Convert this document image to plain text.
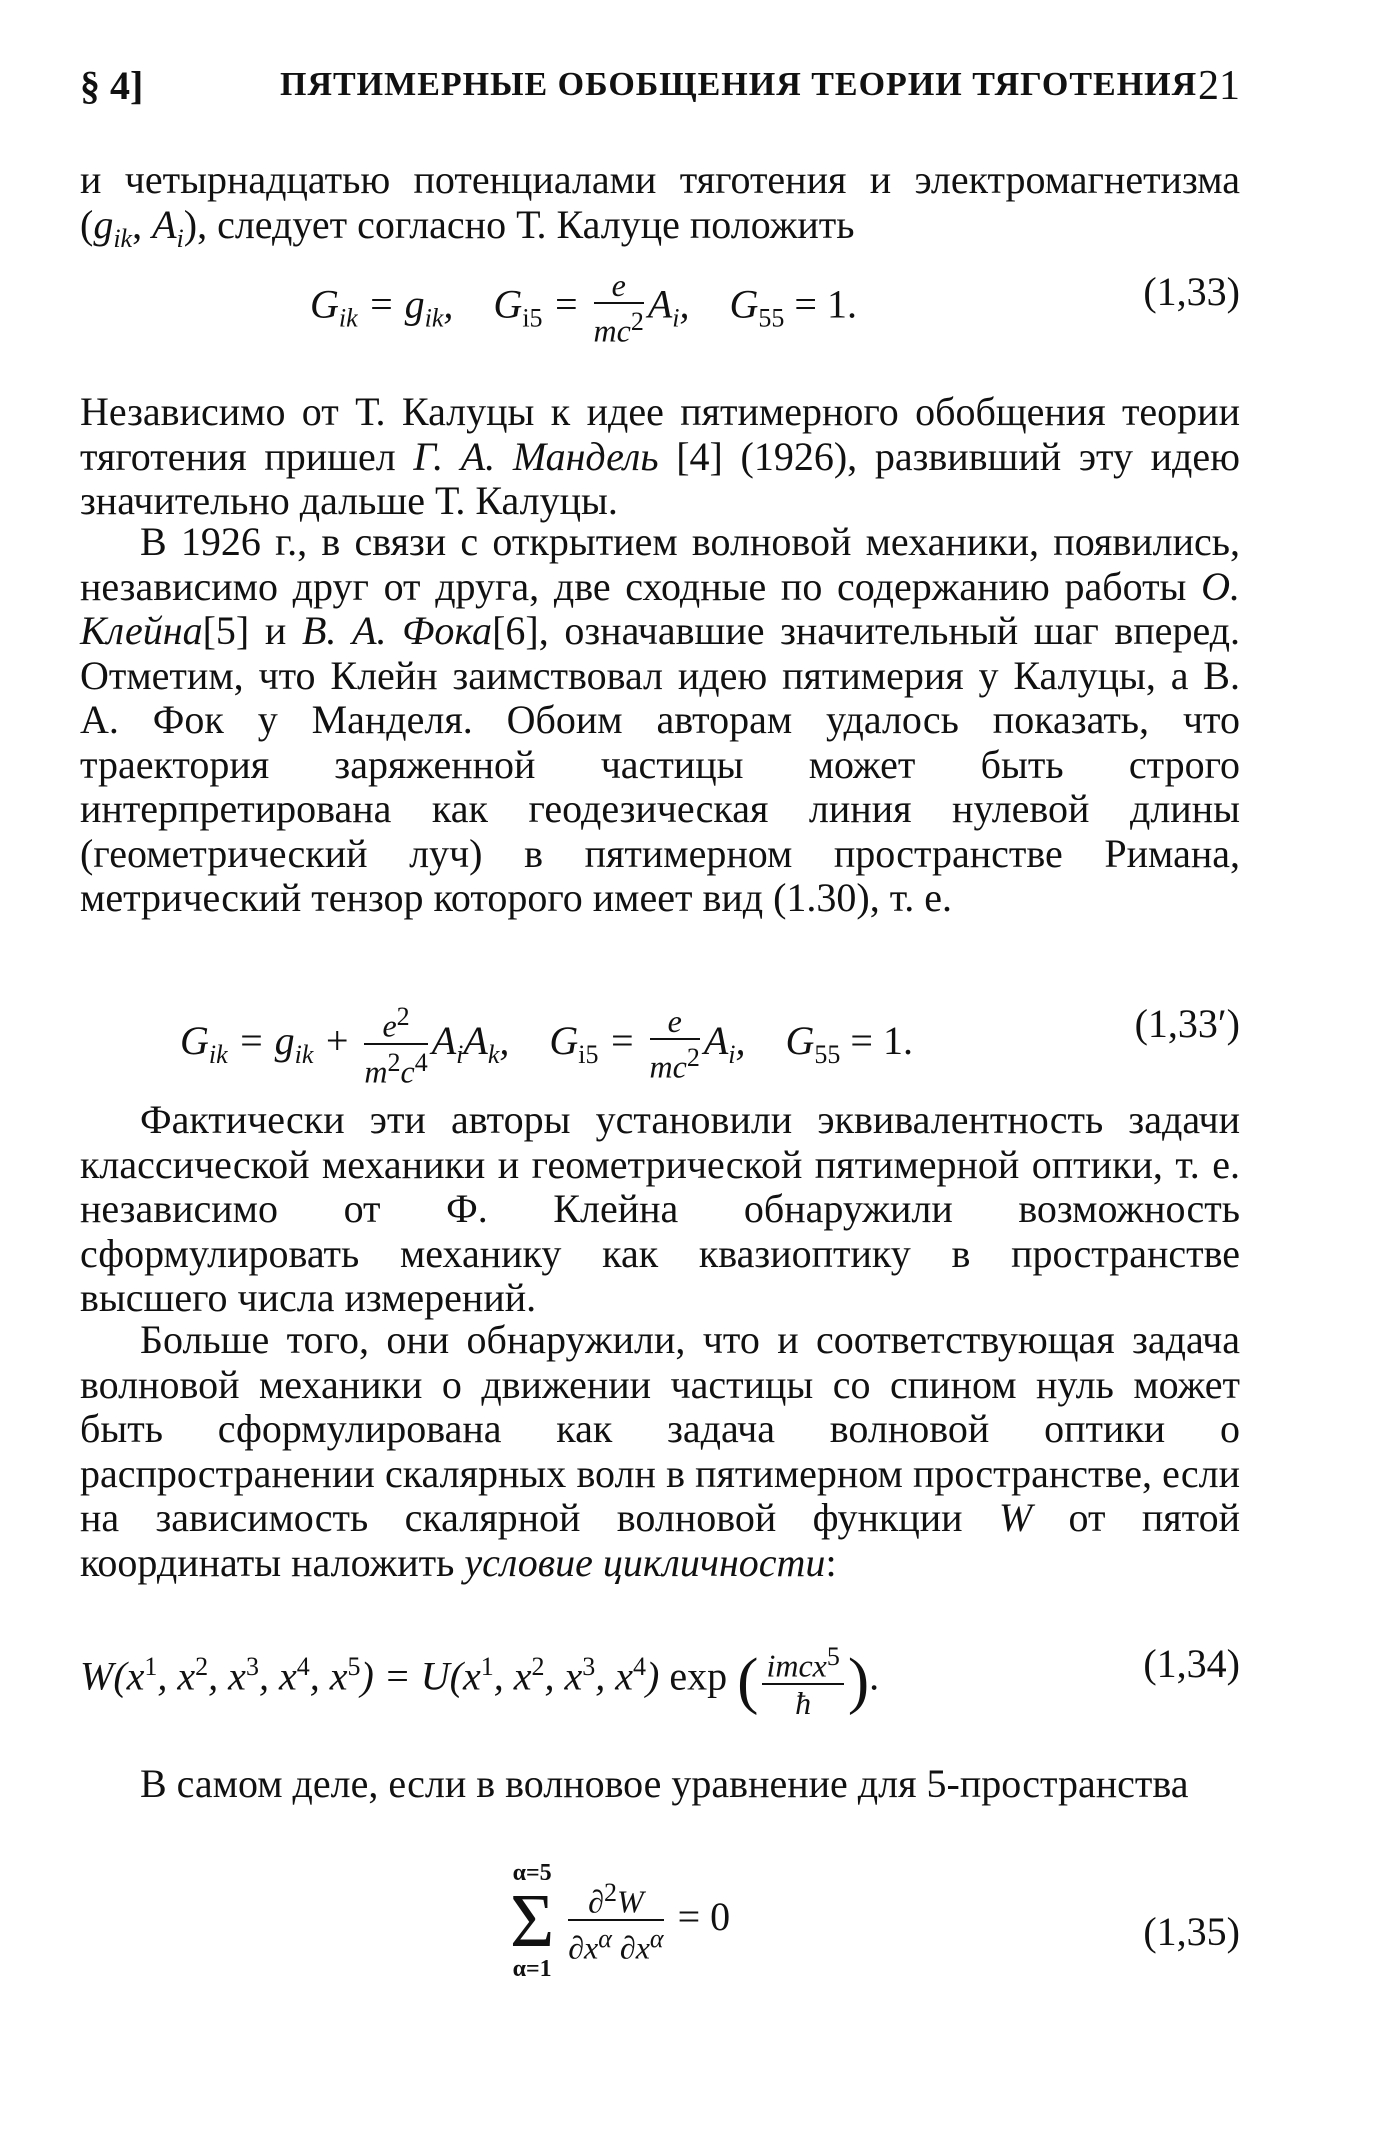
§ 4]	ПЯТИМЕРНЫЕ ОБОБЩЕНИЯ ТЕОРИИ ТЯГОТЕНИЯ 21
и четырнадцатью потенциалами тяготения и электромагнетизма ($g_{ik}$, $A_i$), следует согласно Т. Калуце положить
$G_{ik} = g_{ik}$,    $G_{i5} = \frac{e}{mc^2} A_i$,    $G_{55} = 1$.	(1,33)
Независимо от Т. Калуцы к идее пятимерного обобщения теории тяготения пришел Г. А. Мандель [4] (1926), развивший эту идею значительно дальше Т. Калуцы.
В 1926 г., в связи с открытием волновой механики, появились, независимо друг от друга, две сходные по содержанию работы О. Клейна[5] и В. А. Фока[6], означавшие значительный шаг вперед. Отметим, что Клейн заимствовал идею пятимерия у Калуцы, а В. А. Фок у Манделя. Обоим авторам удалось показать, что траектория заряженной частицы может быть строго интерпретирована как геодезическая линия нулевой длины (геометрический луч) в пятимерном пространстве Римана, метрический тензор которого имеет вид (1.30), т. е.
$G_{ik} = g_{ik} + \frac{e^2}{m^2c^4} A_iA_k$,    $G_{i5} = \frac{e}{mc^2} A_i$,    $G_{55} = 1$.	(1,33′)
Фактически эти авторы установили эквивалентность задачи классической механики и геометрической пятимерной оптики, т. е. независимо от Ф. Клейна обнаружили возможность сформулировать механику как квазиоптику в пространстве высшего числа измерений.
Больше того, они обнаружили, что и соответствующая задача волновой механики о движении частицы со спином нуль может быть сформулирована как задача волновой оптики о распространении скалярных волн в пятимерном пространстве, если на зависимость скалярной волновой функции W от пятой координаты наложить условие цикличности:
$W(x^1$, $x^2$, $x^3$, $x^4$, $x^5) = U(x^1$, $x^2$, $x^3$, $x^4$) exp ( $\frac{imcx^5}{ħ}$ ).	(1,34)
В самом деле, если в волновое уравнение для 5-пространства
α=5
Σ
α=1

$\frac{\partial^2W}{\partial x^\alpha \partial x^\alpha} = 0$	(1,35)
